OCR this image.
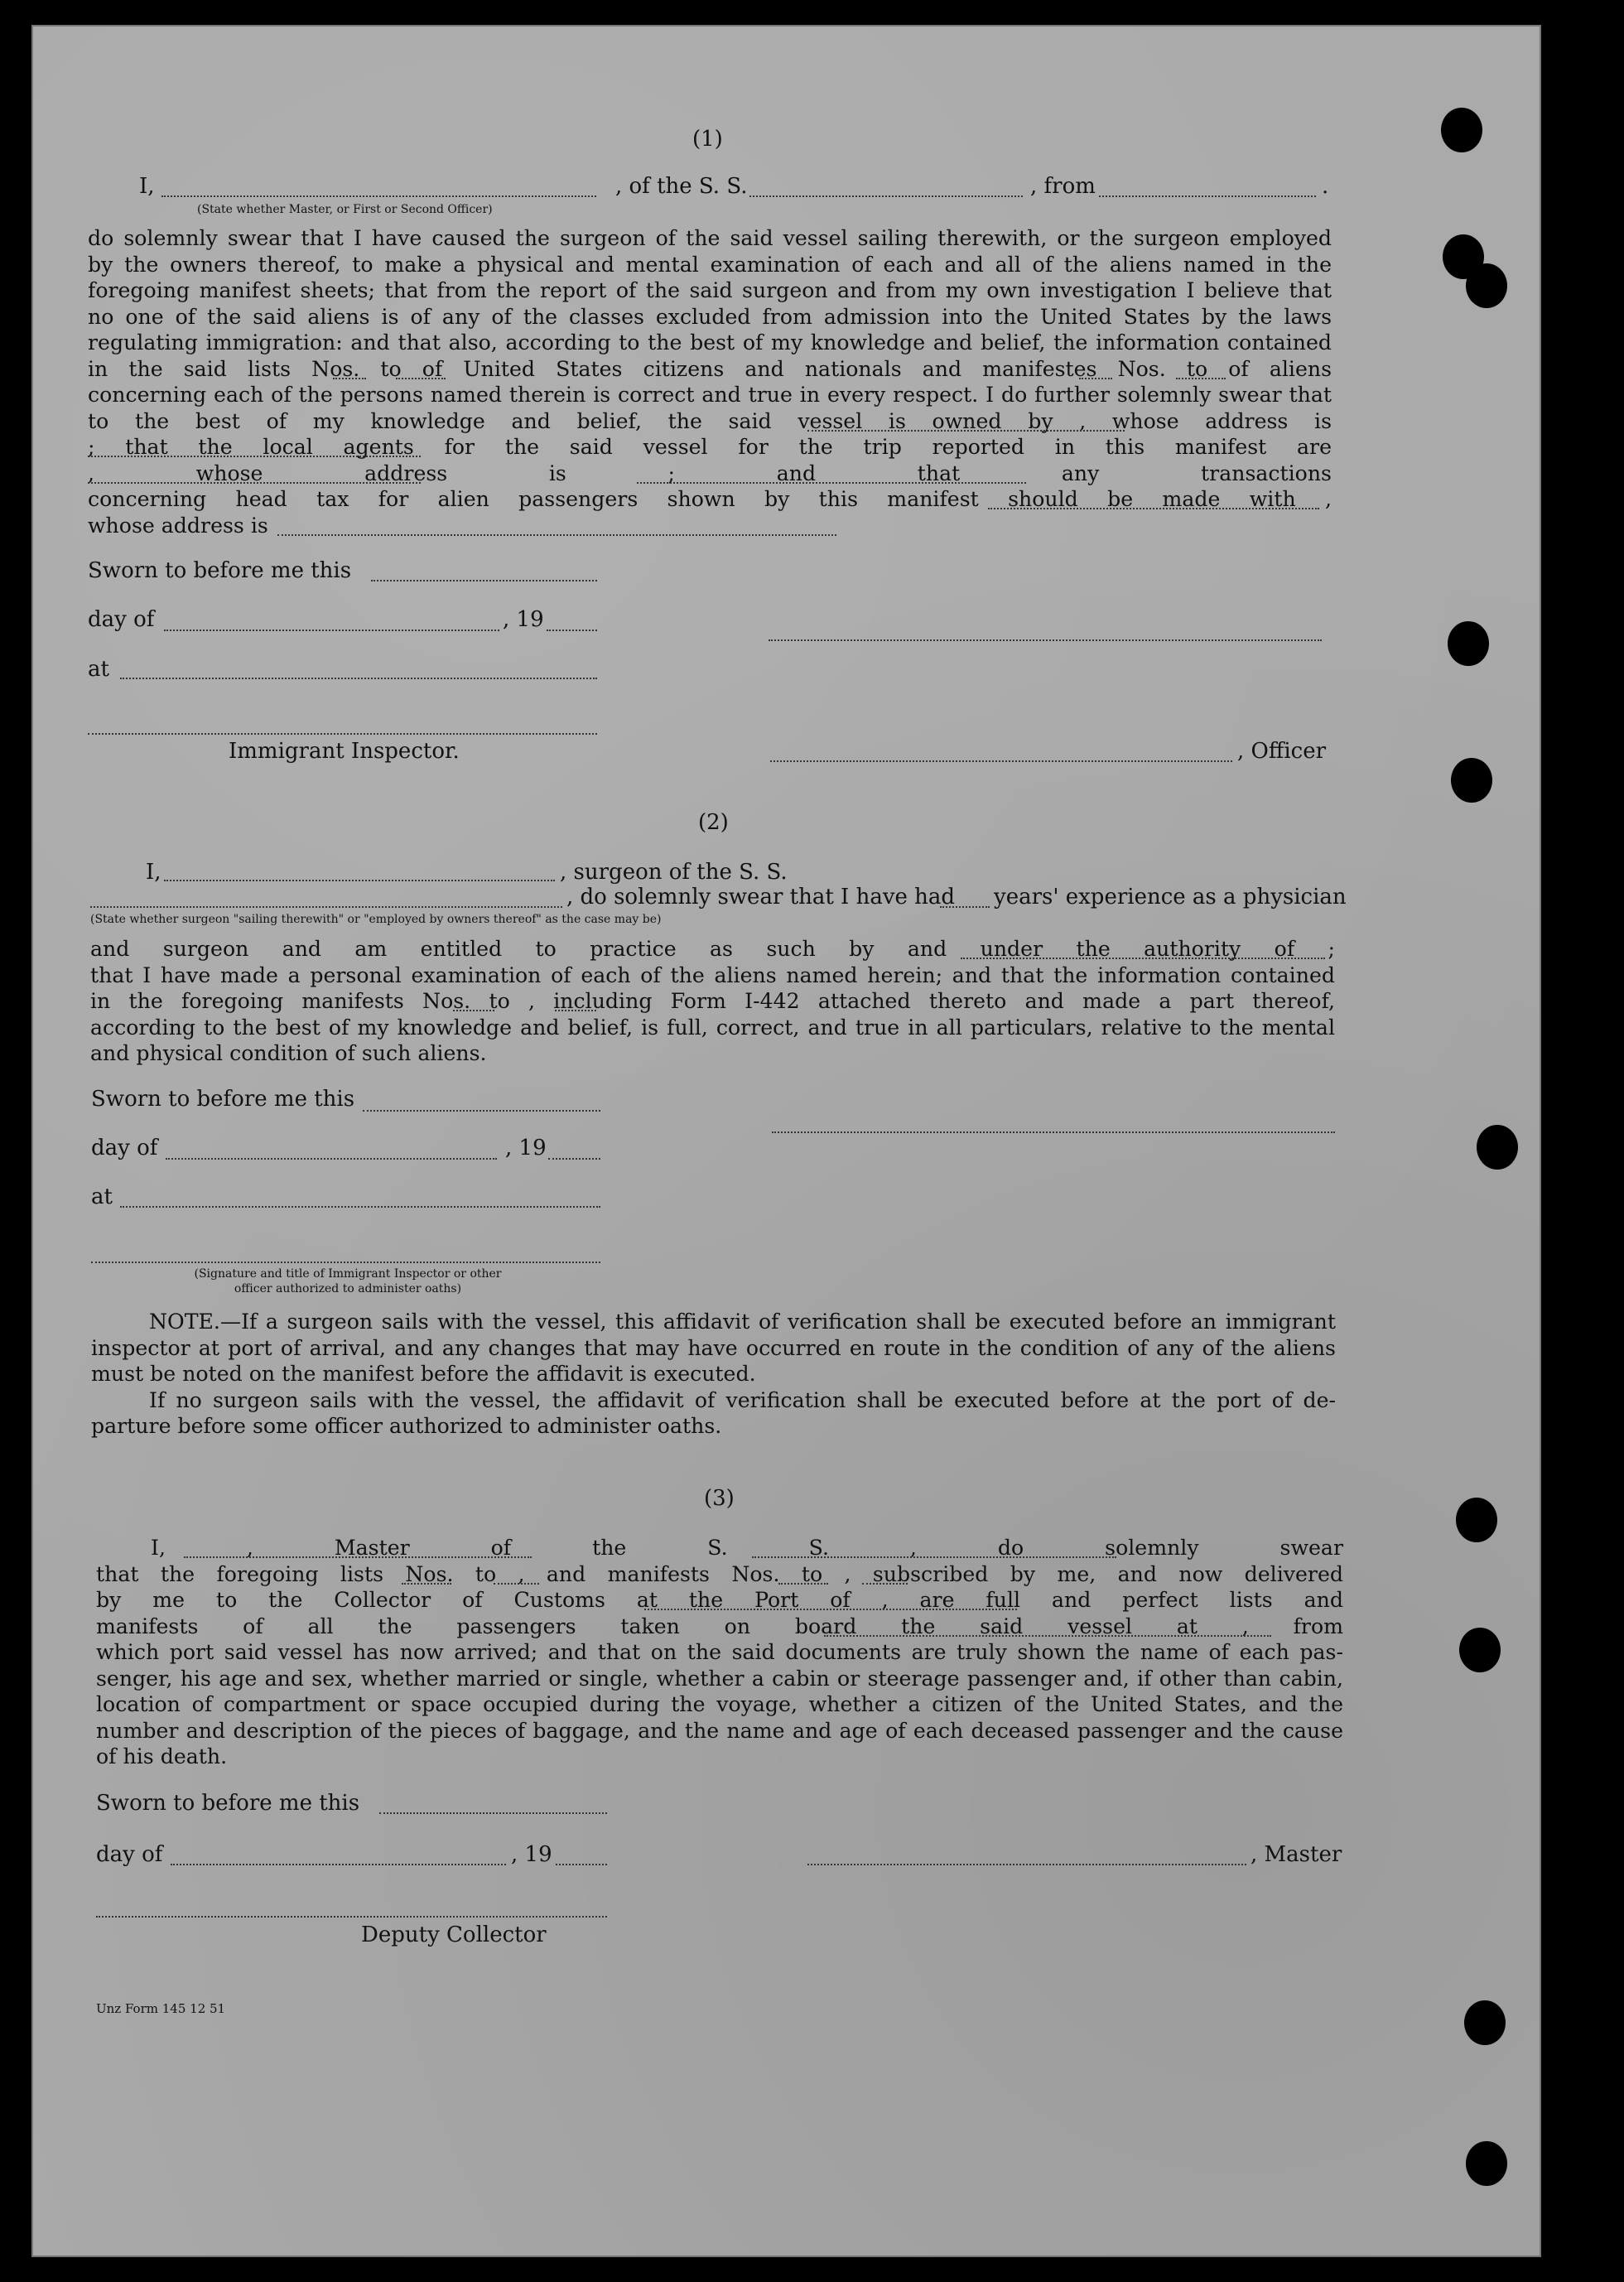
(1)
I,	, of the S. S.	, from	.
(State whether Master, or First or Second Officer)
do solemnly swear that I have caused the surgeon of the said vessel sailing therewith, or the surgeon employed
by the owners thereof, to make a physical and mental examination of each and all of the aliens named in the
foregoing manifest sheets; that from the report of the said surgeon and from my own investigation I believe that
no one of the said aliens is of any of the classes excluded from admission into the United States by the laws
regulating immigration: and that also, according to the best of my knowledge and belief, the information contained
in the said lists Nos. to of United States citizens and nationals and manifestes Nos. to of aliens
concerning each of the persons named therein is correct and true in every respect. I do further solemnly swear that
to the best of my knowledge and belief, the said vessel is owned by , whose address is
; that the local agents for the said vessel for the trip reported in this manifest are
, whose address is ; and that any transactions
concerning head tax for alien passengers shown by this manifest should be made with ,
whose address is
Sworn to before me this
day of	, 19
at
Immigrant Inspector.	, Officer
(2)
I,	, surgeon of the S. S.
, do solemnly swear that I have had years' experience as a physician
(State whether surgeon "sailing therewith" or "employed by owners thereof" as the case may be)
and surgeon and am entitled to practice as such by and under the authority of ;
that I have made a personal examination of each of the aliens named herein; and that the information contained
in the foregoing manifests Nos. to , including Form I-442 attached thereto and made a part thereof,
according to the best of my knowledge and belief, is full, correct, and true in all particulars, relative to the mental
and physical condition of such aliens.
Sworn to before me this
day of	, 19
at
(Signature and title of Immigrant Inspector or other
officer authorized to administer oaths)
NOTE.—If a surgeon sails with the vessel, this affidavit of verification shall be executed before an immigrant
inspector at port of arrival, and any changes that may have occurred en route in the condition of any of the aliens
must be noted on the manifest before the affidavit is executed.
If no surgeon sails with the vessel, the affidavit of verification shall be executed before at the port of de-
parture before some officer authorized to administer oaths.
(3)
I, , Master of the S. S. , do solemnly swear
that the foregoing lists Nos. to , and manifests Nos. to , subscribed by me, and now delivered
by me to the Collector of Customs at the Port of , are full and perfect lists and
manifests of all the passengers taken on board the said vessel at , from
which port said vessel has now arrived; and that on the said documents are truly shown the name of each pas-
senger, his age and sex, whether married or single, whether a cabin or steerage passenger and, if other than cabin,
location of compartment or space occupied during the voyage, whether a citizen of the United States, and the
number and description of the pieces of baggage, and the name and age of each deceased passenger and the cause
of his death.
Sworn to before me this
day of	, 19	, Master
Deputy Collector
Unz Form 145 12 51
